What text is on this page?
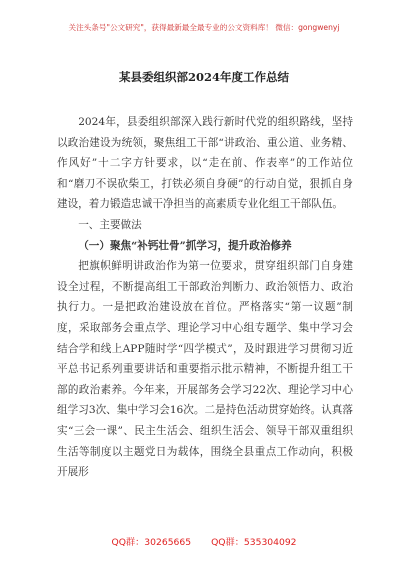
关注头条号"公文研究"，获得最新最全最专业的公文资料库！ 微信：gongwenyj
某县委组织部2024年度工作总结

2024年，县委组织部深入践行新时代党的组织路线，坚持以政治建设为统领，聚焦组工干部“讲政治、重公道、业务精、作风好”十二字方针要求，以“走在前、作表率”的工作站位和“磨刀不误砍柴工，打铁必须自身硬”的行动自觉，狠抓自身建设，着力锻造忠诚干净担当的高素质专业化组工干部队伍。

一、主要做法

（一）聚焦“补钙壮骨”抓学习，提升政治修养

把旗帜鲜明讲政治作为第一位要求，贯穿组织部门自身建设全过程，不断提高组工干部政治判断力、政治领悟力、政治执行力。一是把政治建设放在首位。严格落实“第一议题”制度，采取部务会重点学、理论学习中心组专题学、集中学习会结合学和线上APP随时学“四学模式”，及时跟进学习贯彻习近平总书记系列重要讲话和重要指示批示精神，不断提升组工干部的政治素养。今年来，开展部务会学习22次、理论学习中心组学习3次、集中学习会16次。二是持色活动贯穿始终。认真落实“三会一课”、民主生活会、组织生活会、领导干部双重组织生活等制度以主题党日为载体，围绕全县重点工作动向，积极开展形

QQ群：30265665 QQ群：535304092
